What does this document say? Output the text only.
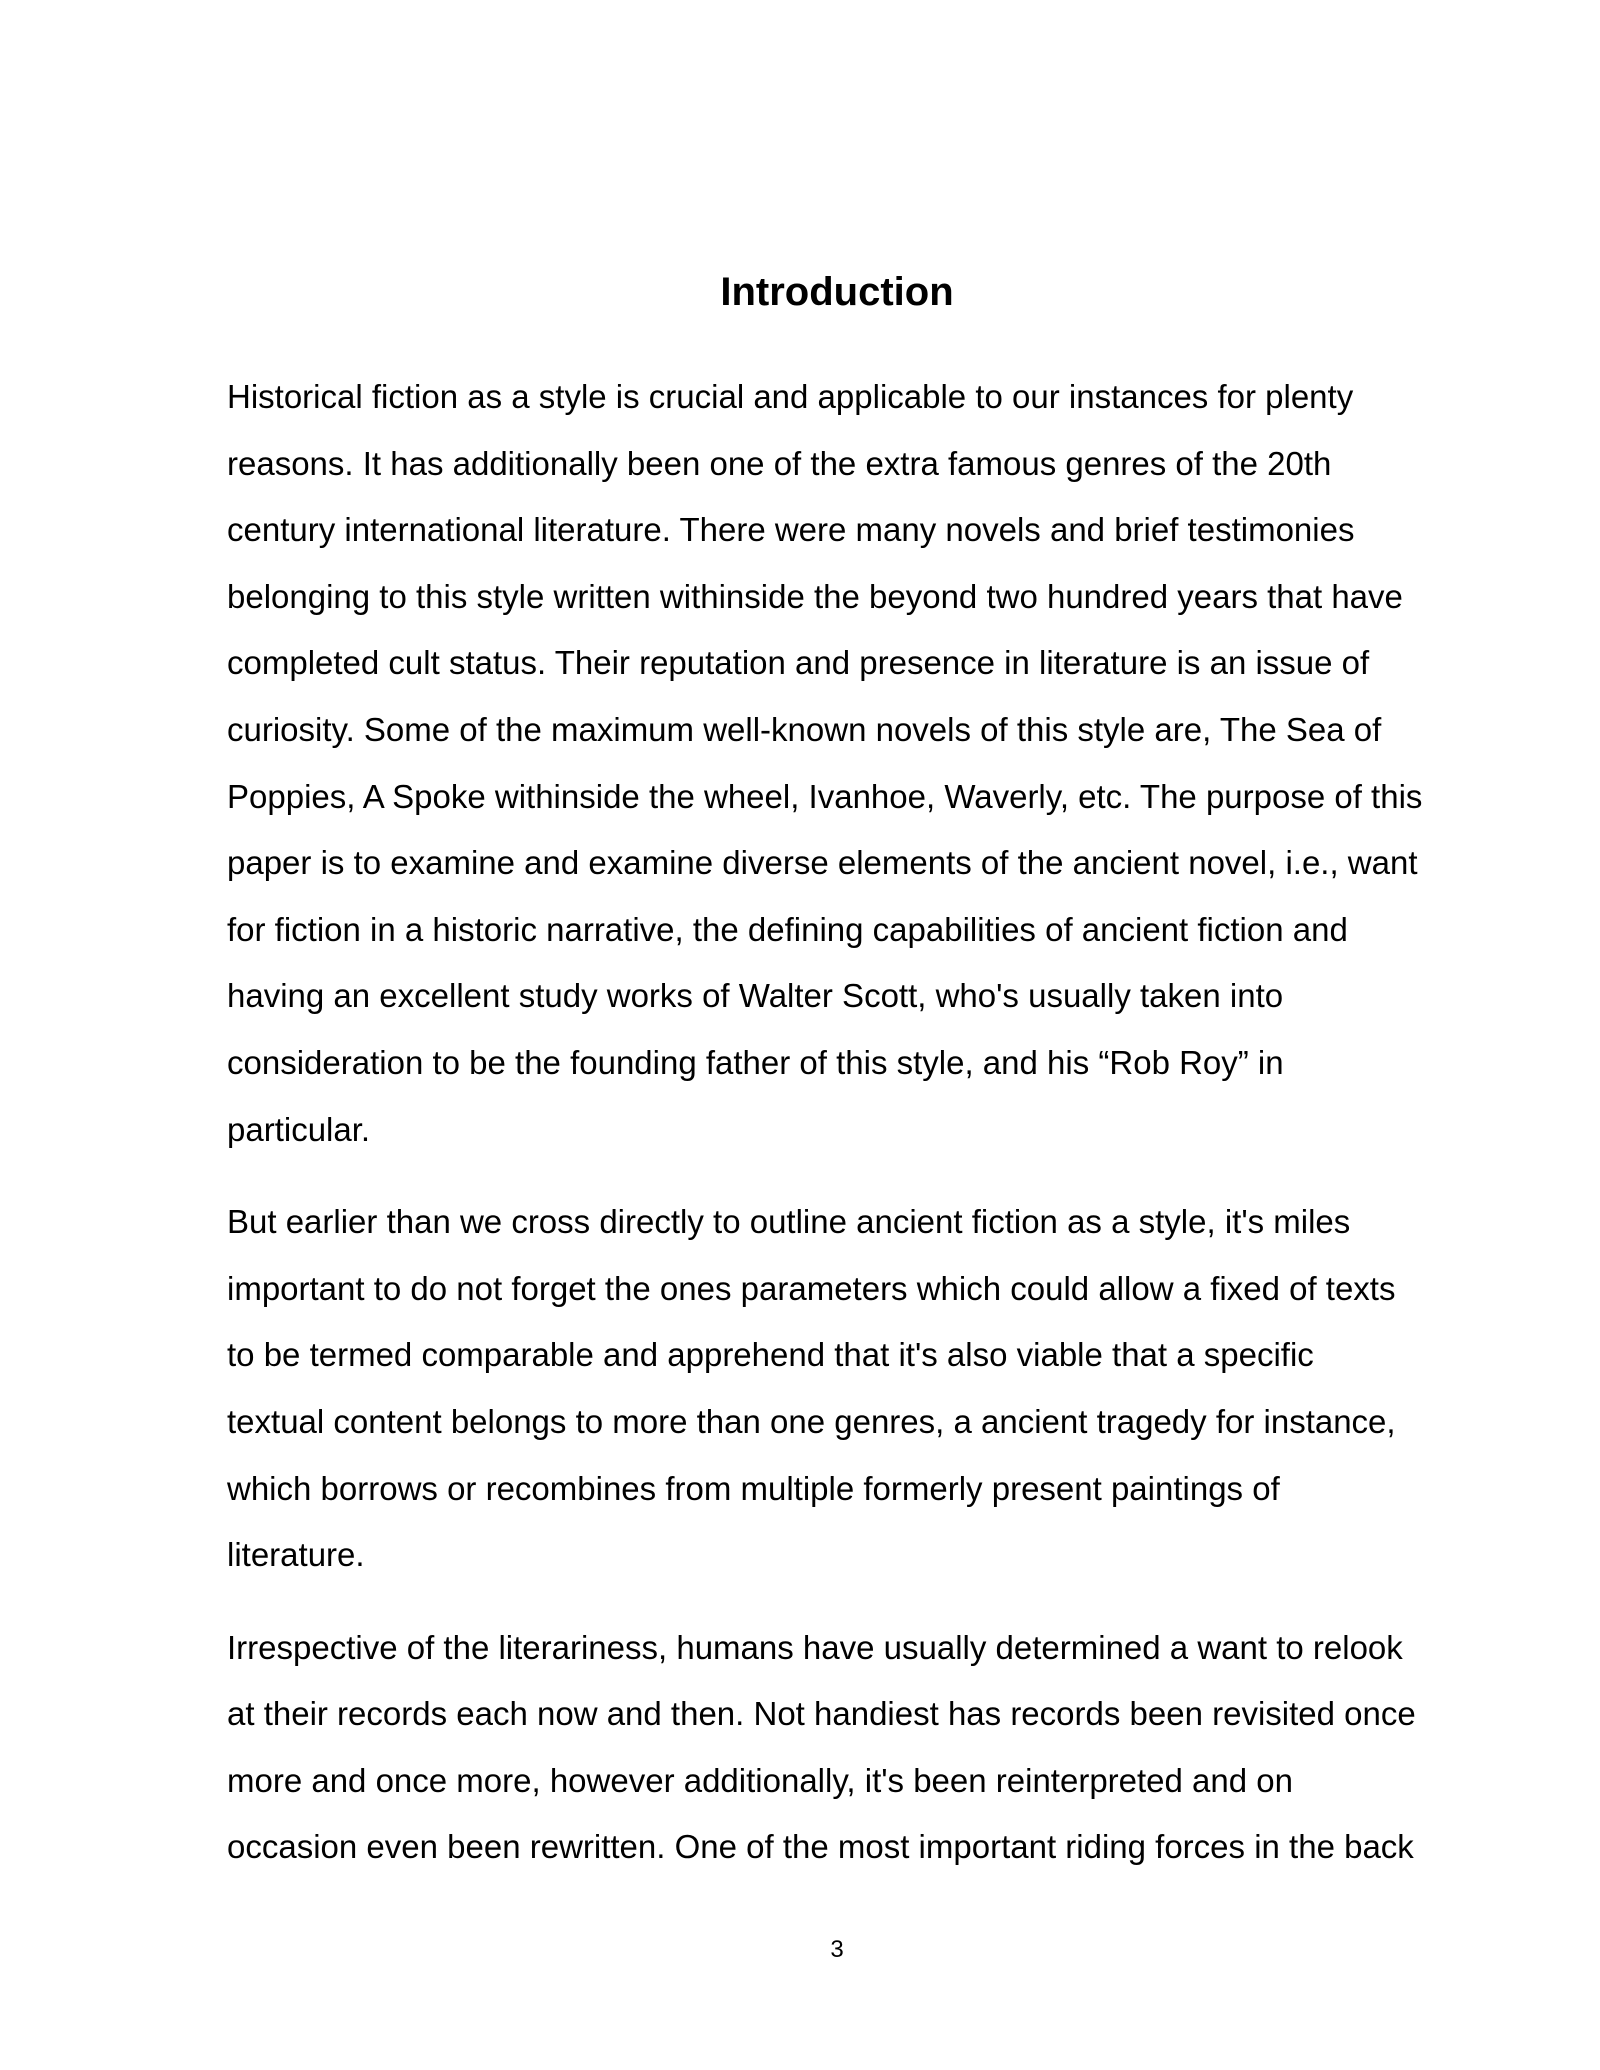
Introduction

Historical fiction as a style is crucial and applicable to our instances for plenty
reasons. It has additionally been one of the extra famous genres of the 20th
century international literature. There were many novels and brief testimonies
belonging to this style written withinside the beyond two hundred years that have
completed cult status. Their reputation and presence in literature is an issue of
curiosity. Some of the maximum well-known novels of this style are, The Sea of
Poppies, A Spoke withinside the wheel, Ivanhoe, Waverly, etc. The purpose of this
paper is to examine and examine diverse elements of the ancient novel, i.e., want
for fiction in a historic narrative, the defining capabilities of ancient fiction and
having an excellent study works of Walter Scott, who's usually taken into
consideration to be the founding father of this style, and his “Rob Roy” in
particular.

But earlier than we cross directly to outline ancient fiction as a style, it's miles
important to do not forget the ones parameters which could allow a fixed of texts
to be termed comparable and apprehend that it's also viable that a specific
textual content belongs to more than one genres, a ancient tragedy for instance,
which borrows or recombines from multiple formerly present paintings of
literature.

Irrespective of the literariness, humans have usually determined a want to relook
at their records each now and then. Not handiest has records been revisited once
more and once more, however additionally, it's been reinterpreted and on
occasion even been rewritten. One of the most important riding forces in the back

3
